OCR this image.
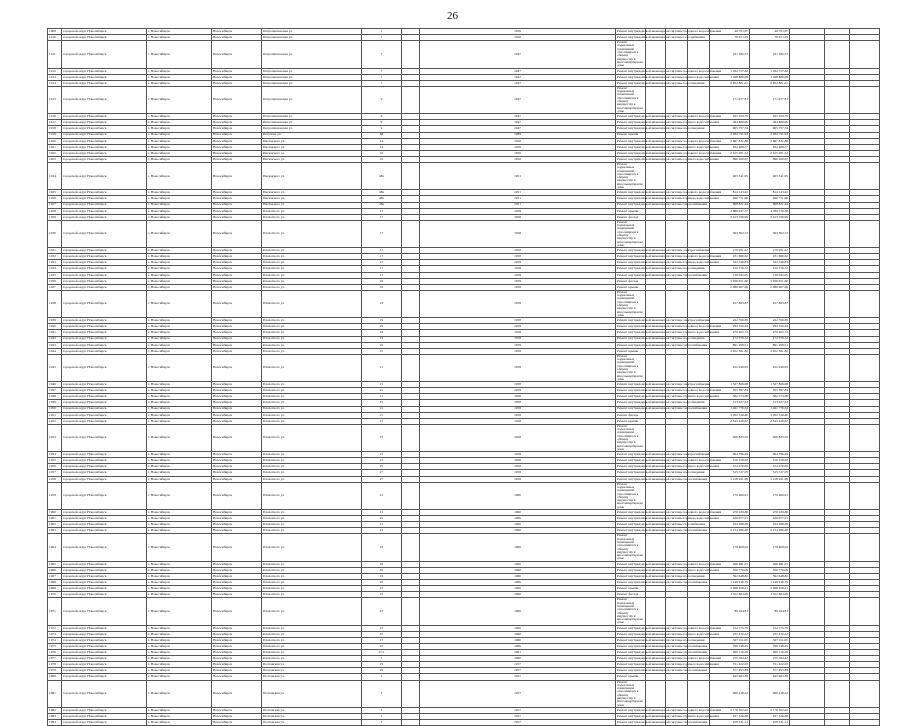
26
1909	городской округ Новосибирск	г. Новосибирск	Новосибирск	Петропавловская ул.	1		1956	Ремонт внутридомовой инженерной системы холодного водоснабжения				46 701,07	46 701,07			
1910	городской округ Новосибирск	г. Новосибирск	Новосибирск	Петропавловская ул.	1		1956	Ремонт внутридомовой инженерной системы газоснабжения				76 671,03	76 671,03			
1911	городской округ Новосибирск	г. Новосибирск	Новосибирск	Петропавловская ул.	7		1947	Ремонт подвальных помещений, относящихся к общему имуществу в многоквартирном доме				181 160,37	181 160,37			
1912	городской округ Новосибирск	г. Новосибирск	Новосибирск	Петропавловская ул.	7		1947	Ремонт внутридомовой инженерной системы холодного водоснабжения				1 182 757,62	1 182 757,62			
1913	городской округ Новосибирск	г. Новосибирск	Новосибирск	Петропавловская ул.	7		1947	Ремонт внутридомовой инженерной системы горячего водоснабжения				1 048 866,08	1 048 866,08			
1914	городской округ Новосибирск	г. Новосибирск	Новосибирск	Петропавловская ул.	7		1947	Ремонт внутридомовой инженерной системы водоотведения				2 652 801,01	2 652 801,01			
1915	городской округ Новосибирск	г. Новосибирск	Новосибирск	Петропавловская ул.	9		1947	Ремонт подвальных помещений, относящихся к общему имуществу в многоквартирном доме				171 977,81	171 977,81			
1916	городской округ Новосибирск	г. Новосибирск	Новосибирск	Петропавловская ул.	9		1947	Ремонт внутридомовой инженерной системы холодного водоснабжения				295 359,79	295 359,79			
1917	городской округ Новосибирск	г. Новосибирск	Новосибирск	Петропавловская ул.	9		1947	Ремонт внутридомовой инженерной системы горячего водоснабжения				264 869,99	264 869,99			
1918	городской округ Новосибирск	г. Новосибирск	Новосибирск	Петропавловская ул.	9		1947	Ремонт внутридомовой инженерной системы водоотведения				965 757,54	965 757,54			
1919	городской округ Новосибирск	г. Новосибирск	Новосибирск	Петухова ул.	68		1988	Ремонт крыши				2 262 741,03	2 262 741,03			
1920	городской округ Новосибирск	г. Новосибирск	Новосибирск	Писемского ул.	14		1956	Ремонт внутридомовой инженерной системы холодного водоснабжения				2 697 831,89	2 697 831,89			
1921	городской округ Новосибирск	г. Новосибирск	Новосибирск	Писемского ул.	14		1956	Ремонт внутридомовой инженерной системы горячего водоснабжения				632 486,57	632 486,57			
1922	городской округ Новосибирск	г. Новосибирск	Новосибирск	Писемского ул.	16		1956	Ремонт внутридомовой инженерной системы холодного водоснабжения				2 615 281,52	2 615 281,52			
1923	городской округ Новосибирск	г. Новосибирск	Новосибирск	Писемского ул.	16		1956	Ремонт внутридомовой инженерной системы горячего водоснабжения				896 260,67	896 260,67			
1924	городской округ Новосибирск	г. Новосибирск	Новосибирск	Писемского ул.	48а		1951	Ремонт подвальных помещений, относящихся к общему имуществу в многоквартирном доме				463 341,95	463 341,95			
1925	городской округ Новосибирск	г. Новосибирск	Новосибирск	Писемского ул.	48а		1951	Ремонт внутридомовой инженерной системы холодного водоснабжения				814 143,42	814 143,42			
1926	городской округ Новосибирск	г. Новосибирск	Новосибирск	Писемского ул.	48а		1951	Ремонт внутридомовой инженерной системы горячего водоснабжения				260 771,06	260 771,06			
1927	городской округ Новосибирск	г. Новосибирск	Новосибирск	Писемского ул.	48а		1951	Ремонт внутридомовой инженерной системы теплоснабжения				868 831,44	868 831,44			
1928	городской округ Новосибирск	г. Новосибирск	Новосибирск	Плахотного ул.	17		1958	Ремонт крыши				4 880 637,37	4 780 579,38			
1929	городской округ Новосибирск	г. Новосибирск	Новосибирск	Плахотного ул.	17		1958	Ремонт фасада				3 413 556,99	3 413 556,99			
1930	городской округ Новосибирск	г. Новосибирск	Новосибирск	Плахотного ул.	17		1958	Ремонт подвальных помещений, относящихся к общему имуществу в многоквартирном доме				363 362,72	363 362,72			
1931	городской округ Новосибирск	г. Новосибирск	Новосибирск	Плахотного ул.	17		1958	Ремонт внутридомовой инженерной системы электроснабжения				170 951,02	170 951,02			
1932	городской округ Новосибирск	г. Новосибирск	Новосибирск	Плахотного ул.	17		1958	Ремонт внутридомовой инженерной системы холодного водоснабжения				181 696,62	181 696,62			
1933	городской округ Новосибирск	г. Новосибирск	Новосибирск	Плахотного ул.	17		1958	Ремонт внутридомовой инженерной системы горячего водоснабжения				162 546,81	162 546,81			
1934	городской округ Новосибирск	г. Новосибирск	Новосибирск	Плахотного ул.	17		1958	Ремонт внутридомовой инженерной системы водоотведения				120 576,51	120 576,51			
1935	городской округ Новосибирск	г. Новосибирск	Новосибирск	Плахотного ул.	17		1958	Ремонт внутридомовой инженерной системы теплоснабжения				716 042,05	716 042,05			
1936	городской округ Новосибирск	г. Новосибирск	Новосибирск	Плахотного ул.	19		1958	Ремонт фасада				3 456 651,60	3 456 651,60			
1937	городской округ Новосибирск	г. Новосибирск	Новосибирск	Плахотного ул.	19		1958	Ремонт крыши				2 986 967,69	2 986 967,69			
1938	городской округ Новосибирск	г. Новосибирск	Новосибирск	Плахотного ул.	19		1958	Ремонт подвальных помещений, относящихся к общему имуществу в многоквартирном доме				227 865,87	227 865,87			
1939	городской округ Новосибирск	г. Новосибирск	Новосибирск	Плахотного ул.	19		1958	Ремонт внутридомовой инженерной системы электроснабжения				222 760,65	222 760,65			
1940	городской округ Новосибирск	г. Новосибирск	Новосибирск	Плахотного ул.	19		1958	Ремонт внутридомовой инженерной системы холодного водоснабжения				294 350,64	294 350,64			
1941	городской округ Новосибирск	г. Новосибирск	Новосибирск	Плахотного ул.	19		1958	Ремонт внутридомовой инженерной системы горячего водоснабжения				279 402,74	279 402,74			
1942	городской округ Новосибирск	г. Новосибирск	Новосибирск	Плахотного ул.	19		1958	Ремонт внутридомовой инженерной системы водоотведения				172 076,54	172 076,54			
1943	городской округ Новосибирск	г. Новосибирск	Новосибирск	Плахотного ул.	19		1958	Ремонт внутридомовой инженерной системы теплоснабжения				891 208,51	891 208,51			
1944	городской округ Новосибирск	г. Новосибирск	Новосибирск	Плахотного ул.	21		1958	Ремонт крыши				2 452 361,82	2 452 361,82			
1945	городской округ Новосибирск	г. Новосибирск	Новосибирск	Плахотного ул.	21		1958	Ремонт подвальных помещений, относящихся к общему имуществу в многоквартирном доме				222 249,03	222 249,03			
1946	городской округ Новосибирск	г. Новосибирск	Новосибирск	Плахотного ул.	21		1958	Ремонт внутридомовой инженерной системы электроснабжения				1 327 866,08	1 327 866,08			
1947	городской округ Новосибирск	г. Новосибирск	Новосибирск	Плахотного ул.	21		1958	Ремонт внутридомовой инженерной системы холодного водоснабжения				555 307,84	555 307,84			
1948	городской округ Новосибирск	г. Новосибирск	Новосибирск	Плахотного ул.	21		1958	Ремонт внутридомовой инженерной системы горячего водоснабжения				582 373,08	582 373,08			
1949	городской округ Новосибирск	г. Новосибирск	Новосибирск	Плахотного ул.	21		1958	Ремонт внутридомовой инженерной системы водоотведения				313 927,63	313 927,63			
1950	городской округ Новосибирск	г. Новосибирск	Новосибирск	Плахотного ул.	21		1958	Ремонт внутридомовой инженерной системы теплоснабжения				1 461 776,54	1 461 776,54			
1951	городской округ Новосибирск	г. Новосибирск	Новосибирск	Плахотного ул.	27		1958	Ремонт фасада				3 052 526,40	3 052 526,40			
1952	городской округ Новосибирск	г. Новосибирск	Новосибирск	Плахотного ул.	27		1958	Ремонт крыши				2 545 426,67	2 545 426,67			
1953	городской округ Новосибирск	г. Новосибирск	Новосибирск	Плахотного ул.	27		1958	Ремонт подвальных помещений, относящихся к общему имуществу в многоквартирном доме				208 843,35	208 843,35			
1954	городской округ Новосибирск	г. Новосибирск	Новосибирск	Плахотного ул.	27		1958	Ремонт внутридомовой инженерной системы электроснабжения				664 786,04	664 786,04			
1955	городской округ Новосибирск	г. Новосибирск	Новосибирск	Плахотного ул.	27		1958	Ремонт внутридомовой инженерной системы холодного водоснабжения				516 158,02	516 158,02			
1956	городской округ Новосибирск	г. Новосибирск	Новосибирск	Плахотного ул.	27		1958	Ремонт внутридомовой инженерной системы горячего водоснабжения				474 270,65	474 270,65			
1957	городской округ Новосибирск	г. Новосибирск	Новосибирск	Плахотного ул.	27		1958	Ремонт внутридомовой инженерной системы водоотведения				315 537,05	315 537,05			
1958	городской округ Новосибирск	г. Новосибирск	Новосибирск	Плахотного ул.	27		1958	Ремонт внутридомовой инженерной системы теплоснабжения				1 158 921,09	1 158 921,09			
1959	городской округ Новосибирск	г. Новосибирск	Новосибирск	Плахотного ул.	41		1960	Ремонт подвальных помещений, относящихся к общему имуществу в многоквартирном доме				179 466,01	179 466,01			
1960	городской округ Новосибирск	г. Новосибирск	Новосибирск	Плахотного ул.	41		1960	Ремонт внутридомовой инженерной системы холодного водоснабжения				470 229,86	470 229,86			
1961	городской округ Новосибирск	г. Новосибирск	Новосибирск	Плахотного ул.	41		1960	Ремонт внутридомовой инженерной системы горячего водоснабжения				426 677,01	426 677,01			
1962	городской округ Новосибирск	г. Новосибирск	Новосибирск	Плахотного ул.	41		1960	Ремонт внутридомовой инженерной системы газоснабжения				164 398,69	164 398,69			
1963	городской округ Новосибирск	г. Новосибирск	Новосибирск	Плахотного ул.	41		1960	Ремонт внутридомовой инженерной системы теплоснабжения				2 214 286,28	2 214 286,28			
1964	городской округ Новосибирск	г. Новосибирск	Новосибирск	Плахотного ул.	45		1960	Ремонт подвальных помещений, относящихся к общему имуществу в многоквартирном доме				179 408,02	179 408,02			
1965	городской округ Новосибирск	г. Новосибирск	Новосибирск	Плахотного ул.	45		1960	Ремонт внутридомовой инженерной системы холодного водоснабжения				466 481,01	466 481,01			
1966	городской округ Новосибирск	г. Новосибирск	Новосибирск	Плахотного ул.	45		1960	Ремонт внутридомовой инженерной системы горячего водоснабжения				350 776,09	350 776,09			
1967	городской округ Новосибирск	г. Новосибирск	Новосибирск	Плахотного ул.	45		1960	Ремонт внутридомовой инженерной системы водоотведения				392 648,82	392 648,82			
1968	городской округ Новосибирск	г. Новосибирск	Новосибирск	Плахотного ул.	45		1960	Ремонт внутридомовой инженерной системы теплоснабжения				1 149 616,76	1 149 616,76			
1969	городской округ Новосибирск	г. Новосибирск	Новосибирск	Плахотного ул.	47		1960	Ремонт крыши				2 468 358,21	2 468 358,21			
1970	городской округ Новосибирск	г. Новосибирск	Новосибирск	Плахотного ул.	47		1960	Ремонт фасада				1 552 604,09	1 552 604,09			
1971	городской округ Новосибирск	г. Новосибирск	Новосибирск	Плахотного ул.	47		1960	Ремонт подвальных помещений, относящихся к общему имуществу в многоквартирном доме				89 394,81	89 394,81			
1972	городской округ Новосибирск	г. Новосибирск	Новосибирск	Плахотного ул.	47		1960	Ремонт внутридомовой инженерной системы холодного водоснабжения				722 775,79	722 775,79			
1973	городской округ Новосибирск	г. Новосибирск	Новосибирск	Плахотного ул.	47		1960	Ремонт внутридомовой инженерной системы горячего водоснабжения				237 470,42	237 470,42			
1974	городской округ Новосибирск	г. Новосибирск	Новосибирск	Плахотного ул.	47		1960	Ремонт внутридомовой инженерной системы водоотведения				327 911,05	327 911,05			
1975	городской округ Новосибирск	г. Новосибирск	Новосибирск	Плахотного ул.	47		1960	Ремонт внутридомовой инженерной системы теплоснабжения				796 148,45	796 148,45			
1976	городской округ Новосибирск	г. Новосибирск	Новосибирск	Плахотного ул.	57/1		1961	Ремонт внутридомовой инженерной системы теплоснабжения				690 116,26	690 116,26			
1977	городской округ Новосибирск	г. Новосибирск	Новосибирск	Плахотного ул.	2		1960	Ремонт внутридомовой инженерной системы холодного водоснабжения				475 164,42	475 164,42			
1978	городской округ Новосибирск	г. Новосибирск	Новосибирск	Полтавская ул.	25		1957	Ремонт внутридомовой инженерной системы горячего водоснабжения				751 422,03	751 422,03			
1979	городской округ Новосибирск	г. Новосибирск	Новосибирск	Полтавская ул.	25		1957	Ремонт внутридомовой инженерной системы теплоснабжения				577 493,83	577 493,83			
1980	городской округ Новосибирск	г. Новосибирск	Новосибирск	Полтавская ул.	3		1957	Ремонт крыши				642 663,39	642 663,39			
1981	городской округ Новосибирск	г. Новосибирск	Новосибирск	Полтавская ул.	3		1957	Ремонт подвальных помещений, относящихся к общему имуществу в многоквартирном доме				480 418,22	480 418,22			
1982	городской округ Новосибирск	г. Новосибирск	Новосибирск	Полтавская ул.	3		1957	Ремонт внутридомовой инженерной системы холодного водоснабжения				2 176 502,02	2 176 502,02			
1983	городской округ Новосибирск	г. Новосибирск	Новосибирск	Полтавская ул.	3		1957	Ремонт внутридомовой инженерной системы горячего водоснабжения				637 526,68	637 526,68			
1984	городской округ Новосибирск	г. Новосибирск	Новосибирск	Полтавская ул.	3		1957	Ремонт внутридомовой инженерной системы теплоснабжения				618 341,14	618 341,14			
